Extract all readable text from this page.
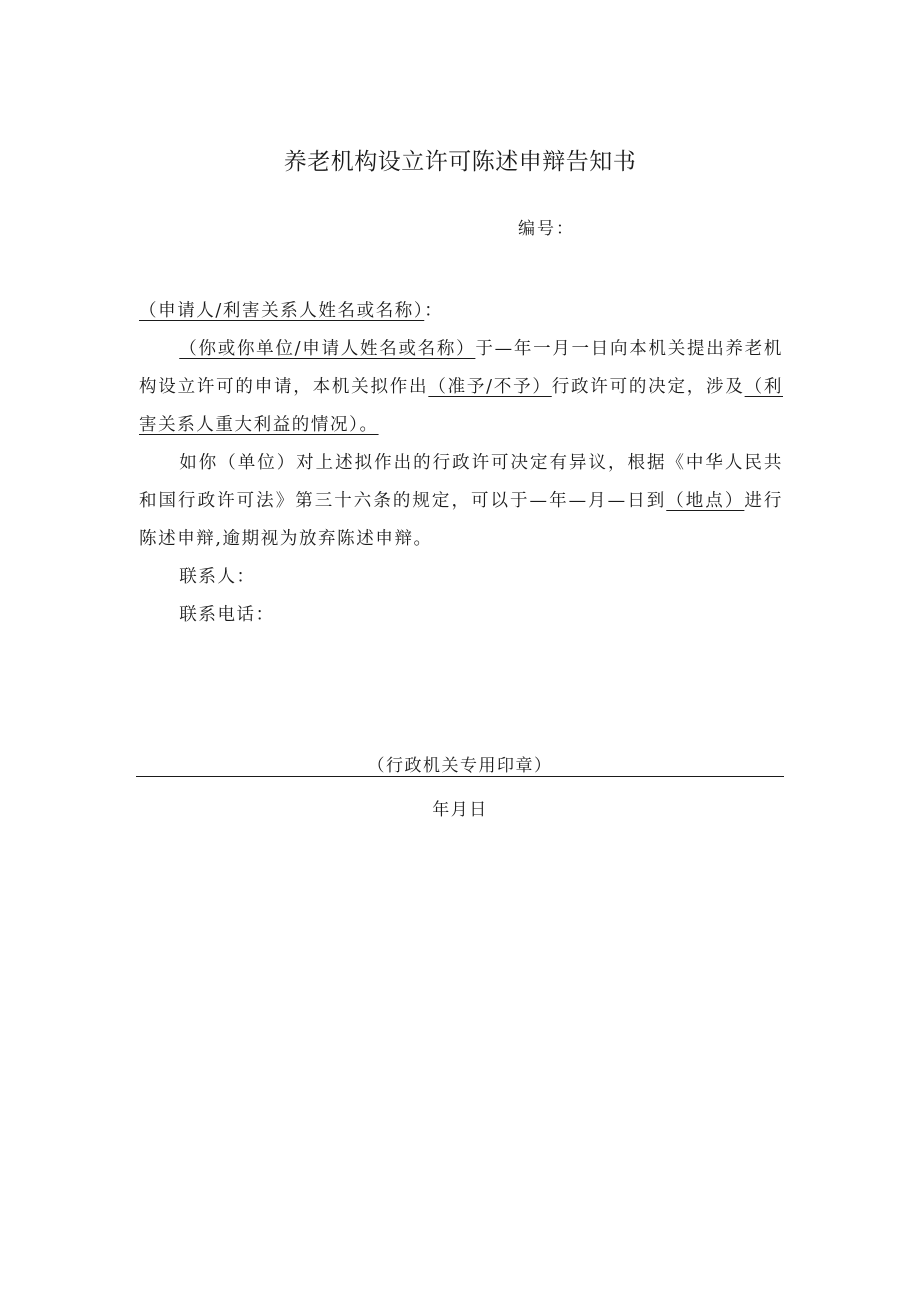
养老机构设立许可陈述申辩告知书
编号：

（申请人/利害关系人姓名或名称）：

（你或你单位/申请人姓名或名称）于—年一月一日向本机关提出养老机构设立许可的申请，本机关拟作出（准予/不予）行政许可的决定，涉及（利害关系人重大利益的情况）。

如你（单位）对上述拟作出的行政许可决定有异议，根据《中华人民共和国行政许可法》第三十六条的规定，可以于—年—月—日到（地点）进行陈述申辩,逾期视为放弃陈述申辩。

联系人：

联系电话：

（行政机关专用印章）
年月日
